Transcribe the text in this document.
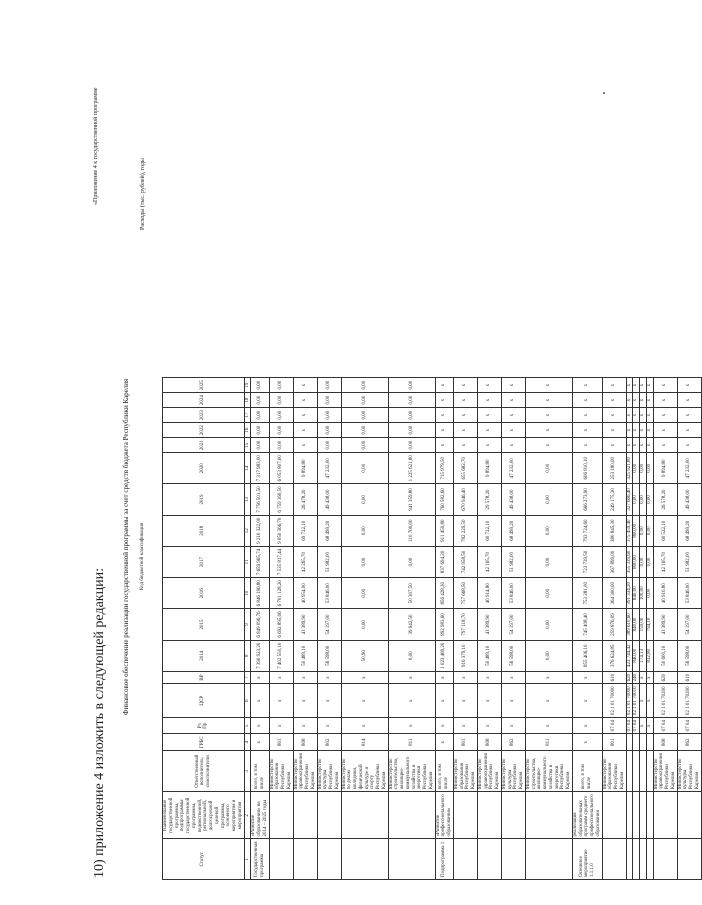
10) приложение 4 изложить в следующей редакции:
«Приложение 4 к государственной программе
Финансовое обеспечение реализации государственной программы за счет средств бюджета Республики Карелия
Расходы (тыс. рублей), годы
Код бюджетной классификации
Статус	Наименование государственной программы, подпрограммы государственной программы, ведомственной, региональной, долгосрочной целевой программы, основного мероприятия и мероприятия	Ответственный исполнитель, соисполнители	ГРБС	Рз Пр	ЦСР	ВР	2014	2015	2016	2017	2018	2019	2020	2021	2022	2023	2024	2025
1	2	3	4	5	6	7	8	9	10	11	12	13	14	15	16	17	18	19
Государственная программа	«Развитие образования» на 2014 – 2025 годы	всего, в том числе	х	х	х	х	7 390 923,20	6 849 096,76	6 846 196,80	7 659 965,74	9 210 322,00	7 756 501,50	7 317 983,00	0,00	0,00	0,00	0,00	0,00
		Министерство образования Республики Карелия	801	х	х	х	7 402 550,10	6 692 895,06	6 701 128,20	7 535 817,44	9 050 366,70	6 759 160,50	6 053 807,00	0,00	0,00	0,00	0,00	0,00
		Министерство здравоохранения Республики Карелия	808	х	х	х	50 489,10	41 389,90	40 954,00	42 265,70	69 722,10	26 478,20	9 894,80	х	х	х	х	х
		Министерство культуры Республики Карелия	802	х	х	х	56 598,00	54 197,00	53 846,00	51 982,00	68 499,20	49 438,00	47 232,00	0,00	0,00	0,00	0,00	0,00
		Министерство по делам молодежи, физической культуре и спорту Республики Карелия	814	х	х	х	50,90	0,00	0,00	0,00	0,00	0,00	0,00	0,00	0,00	0,00	0,00	0,00
		Министерство строительства, жилищно-коммунального хозяйства и энергетики Республики Карелия	811	х	х	х	0,00	39 942,50	50 307,50	0,00	110 700,00	941 359,80	1 225 621,80	0,00	0,00	0,00	0,00	0,00
Подпрограмма 1	«Развитие профессионального образования»	всего, в том числе	х	х	х	х	1 023 469,20	892 983,60	856 428,30	837 694,20	911 450,80	760 582,60	715 979,50	х	х	х	х	х
		Министерство образования Республики Карелия	801	х	х	х	916 379,10	797 118,70	757 668,50	742 958,50	782 229,50	670 946,40	655 682,70	х	х	х	х	х
		Министерство здравоохранения Республики Карелия	808	х	х	х	50 489,10	41 389,90	40 914,80	42 165,70	60 722,10	29 578,20	9 894,80	х	х	х	х	х
		Министерство культуры Республики Карелия	862	х	х	х	56 598,00	54 197,00	53 846,00	51 982,00	68 499,20	49 438,00	47 232,00	х	х	х	х	х
		Министерство строительства, жилищно-коммунального хозяйства и энергетики Республики Карелия	811	х	х	х	0,00	0,00	0,00	0,00	0,00	0,00	0,00	х	х	х	х	х
Основное мероприятие 1.1.1.0	реализация образовательных программ среднего профессионального образования	всего, в том числе	х	х	х	х	855 406,10	745 408,40	753 281,00	723 739,50	793 724,60	666 273,90	606 810,10	х	х	х	х	х
		Министерство образования Республики Карелия	801	07 04	02 1 01 70000	610	376 624,85	259 876,09	364 300,00	367 899,00	380 845,30	249 175,30	253 180,00	х	х	х	х	х
				07 04	02 1 01 70000	620	423 744,42	389 610,60	391 334,20	355 339,60	375 459,40	327 666,40	325 921,80	х	х	х	х	х
				07 04	02 1 01 70010	240	840,00	840,00	840,00	800,00	800,00	0,00	0,00	х	х	х	х	х
				х	х	х	174,13	159,00	100,00	0,00	0,00	0,00	0,00	х	х	х	х	х
				х	х	х	832,80	794,10	0,00	0,00	0,00	0,00	0,00	х	х	х	х	х
		Министерство здравоохранения Республики Карелия	808	07 04	02 1 01 70200	620	50 600,10	41 389,90	40 910,80	42 165,70	60 522,10	26 578,20	9 894,80	х	х	х	х	х
		Министерство культуры Республики Карелия	862	07 04	02 1 01 70200	610	56 598,00	54 197,00	53 846,00	51 982,00	68 499,20	49 438,00	47 232,00	х	х	х	х	х
